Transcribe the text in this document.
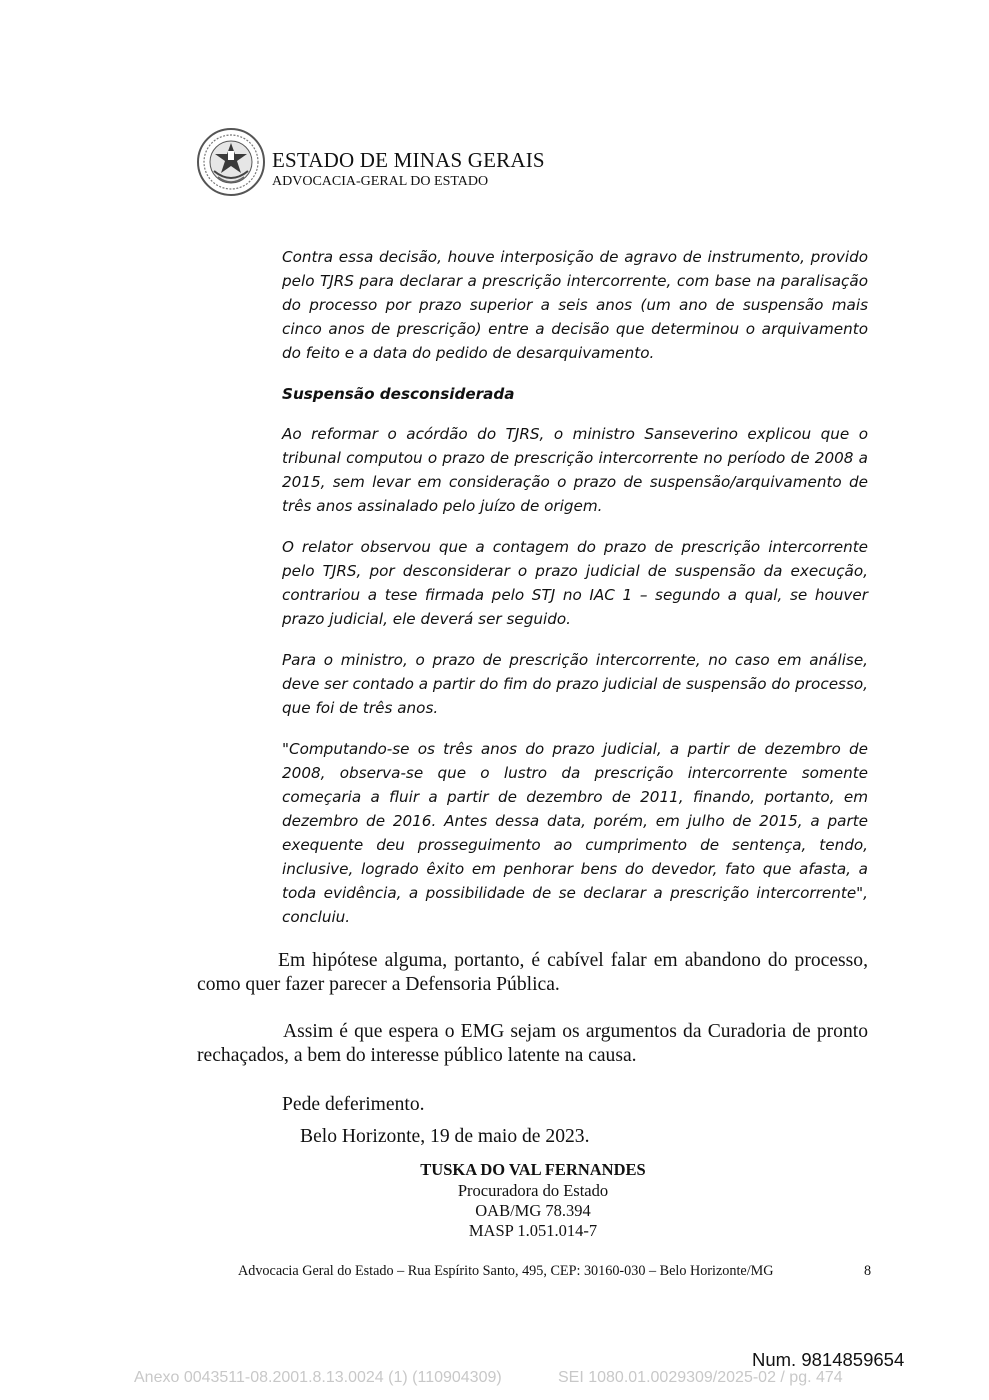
ESTADO DE MINAS GERAIS
ADVOCACIA-GERAL DO ESTADO

Contra essa decisão, houve interposição de agravo de instrumento, provido pelo TJRS para declarar a prescrição intercorrente, com base na paralisação do processo por prazo superior a seis anos (um ano de suspensão mais cinco anos de prescrição) entre a decisão que determinou o arquivamento do feito e a data do pedido de desarquivamento.

Suspensão desconsiderada

Ao reformar o acórdão do TJRS, o ministro Sanseverino explicou que o tribunal computou o prazo de prescrição intercorrente no período de 2008 a 2015, sem levar em consideração o prazo de suspensão/arquivamento de três anos assinalado pelo juízo de origem.

O relator observou que a contagem do prazo de prescrição intercorrente pelo TJRS, por desconsiderar o prazo judicial de suspensão da execução, contrariou a tese firmada pelo STJ no IAC 1 – segundo a qual, se houver prazo judicial, ele deverá ser seguido.

Para o ministro, o prazo de prescrição intercorrente, no caso em análise, deve ser contado a partir do fim do prazo judicial de suspensão do processo, que foi de três anos.

"Computando-se os três anos do prazo judicial, a partir de dezembro de 2008, observa-se que o lustro da prescrição intercorrente somente começaria a fluir a partir de dezembro de 2011, finando, portanto, em dezembro de 2016. Antes dessa data, porém, em julho de 2015, a parte exequente deu prosseguimento ao cumprimento de sentença, tendo, inclusive, logrado êxito em penhorar bens do devedor, fato que afasta, a toda evidência, a possibilidade de se declarar a prescrição intercorrente", concluiu.

Em hipótese alguma, portanto, é cabível falar em abandono do processo, como quer fazer parecer a Defensoria Pública.

Assim é que espera o EMG sejam os argumentos da Curadoria de pronto rechaçados, a bem do interesse público latente na causa.

Pede deferimento.
Belo Horizonte, 19 de maio de 2023.
TUSKA DO VAL FERNANDES
Procuradora do Estado
OAB/MG 78.394
MASP 1.051.014-7
Advocacia Geral do Estado – Rua Espírito Santo, 495, CEP: 30160-030 – Belo Horizonte/MG	8
Num. 9814859654
Anexo 0043511-08.2001.8.13.0024 (1) (110904309)	SEI 1080.01.0029309/2025-02 / pg. 474
